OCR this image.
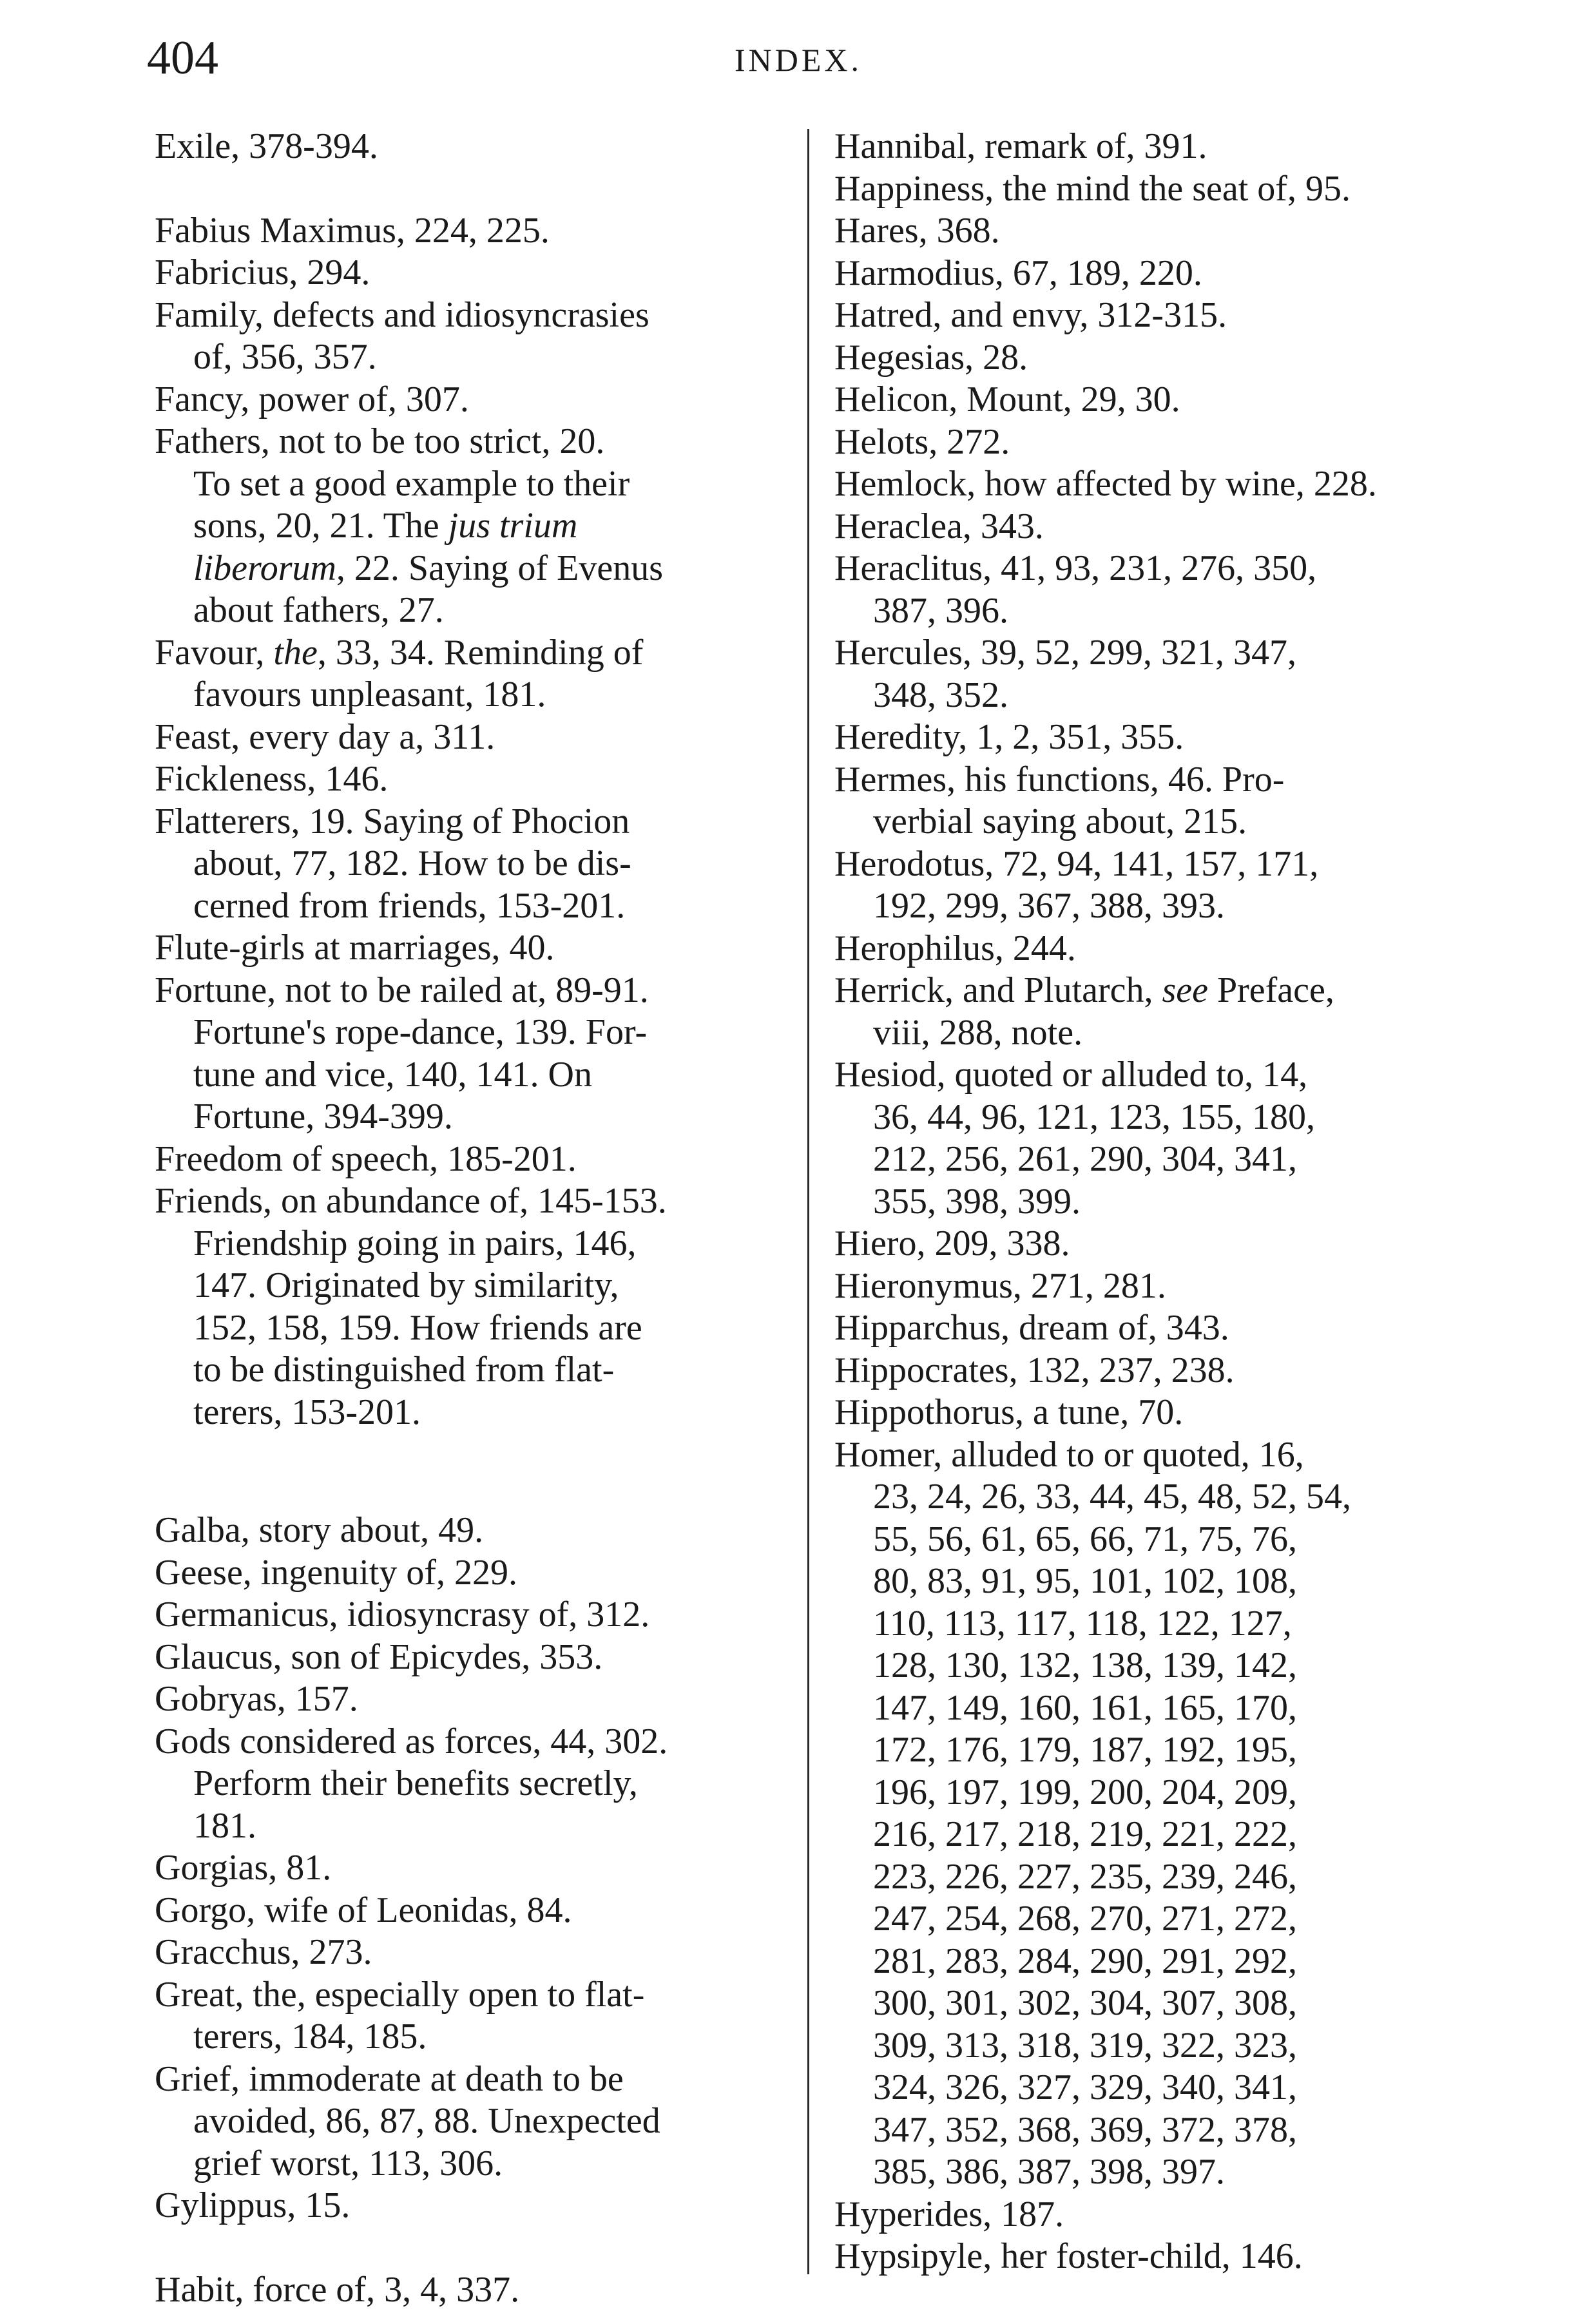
404	INDEX.
Exile, 378-394.
Fabius Maximus, 224, 225.
Fabricius, 294.
Family, defects and idiosyncrasies
of, 356, 357.
Fancy, power of, 307.
Fathers, not to be too strict, 20.
To set a good example to their
sons, 20, 21. The jus trium
liberorum, 22. Saying of Evenus
about fathers, 27.
Favour, the, 33, 34. Reminding of
favours unpleasant, 181.
Feast, every day a, 311.
Fickleness, 146.
Flatterers, 19. Saying of Phocion
about, 77, 182. How to be dis-
cerned from friends, 153-201.
Flute-girls at marriages, 40.
Fortune, not to be railed at, 89-91.
Fortune's rope-dance, 139. For-
tune and vice, 140, 141. On
Fortune, 394-399.
Freedom of speech, 185-201.
Friends, on abundance of, 145-153.
Friendship going in pairs, 146,
147. Originated by similarity,
152, 158, 159. How friends are
to be distinguished from flat-
terers, 153-201.
Galba, story about, 49.
Geese, ingenuity of, 229.
Germanicus, idiosyncrasy of, 312.
Glaucus, son of Epicydes, 353.
Gobryas, 157.
Gods considered as forces, 44, 302.
Perform their benefits secretly,
181.
Gorgias, 81.
Gorgo, wife of Leonidas, 84.
Gracchus, 273.
Great, the, especially open to flat-
terers, 184, 185.
Grief, immoderate at death to be
avoided, 86, 87, 88. Unexpected
grief worst, 113, 306.
Gylippus, 15.
Habit, force of, 3, 4, 337.
Hannibal, remark of, 391.
Happiness, the mind the seat of, 95.
Hares, 368.
Harmodius, 67, 189, 220.
Hatred, and envy, 312-315.
Hegesias, 28.
Helicon, Mount, 29, 30.
Helots, 272.
Hemlock, how affected by wine, 228.
Heraclea, 343.
Heraclitus, 41, 93, 231, 276, 350,
387, 396.
Hercules, 39, 52, 299, 321, 347,
348, 352.
Heredity, 1, 2, 351, 355.
Hermes, his functions, 46. Pro-
verbial saying about, 215.
Herodotus, 72, 94, 141, 157, 171,
192, 299, 367, 388, 393.
Herophilus, 244.
Herrick, and Plutarch, see Preface,
viii, 288, note.
Hesiod, quoted or alluded to, 14,
36, 44, 96, 121, 123, 155, 180,
212, 256, 261, 290, 304, 341,
355, 398, 399.
Hiero, 209, 338.
Hieronymus, 271, 281.
Hipparchus, dream of, 343.
Hippocrates, 132, 237, 238.
Hippothorus, a tune, 70.
Homer, alluded to or quoted, 16,
23, 24, 26, 33, 44, 45, 48, 52, 54,
55, 56, 61, 65, 66, 71, 75, 76,
80, 83, 91, 95, 101, 102, 108,
110, 113, 117, 118, 122, 127,
128, 130, 132, 138, 139, 142,
147, 149, 160, 161, 165, 170,
172, 176, 179, 187, 192, 195,
196, 197, 199, 200, 204, 209,
216, 217, 218, 219, 221, 222,
223, 226, 227, 235, 239, 246,
247, 254, 268, 270, 271, 272,
281, 283, 284, 290, 291, 292,
300, 301, 302, 304, 307, 308,
309, 313, 318, 319, 322, 323,
324, 326, 327, 329, 340, 341,
347, 352, 368, 369, 372, 378,
385, 386, 387, 398, 397.
Hyperides, 187.
Hypsipyle, her foster-child, 146.
